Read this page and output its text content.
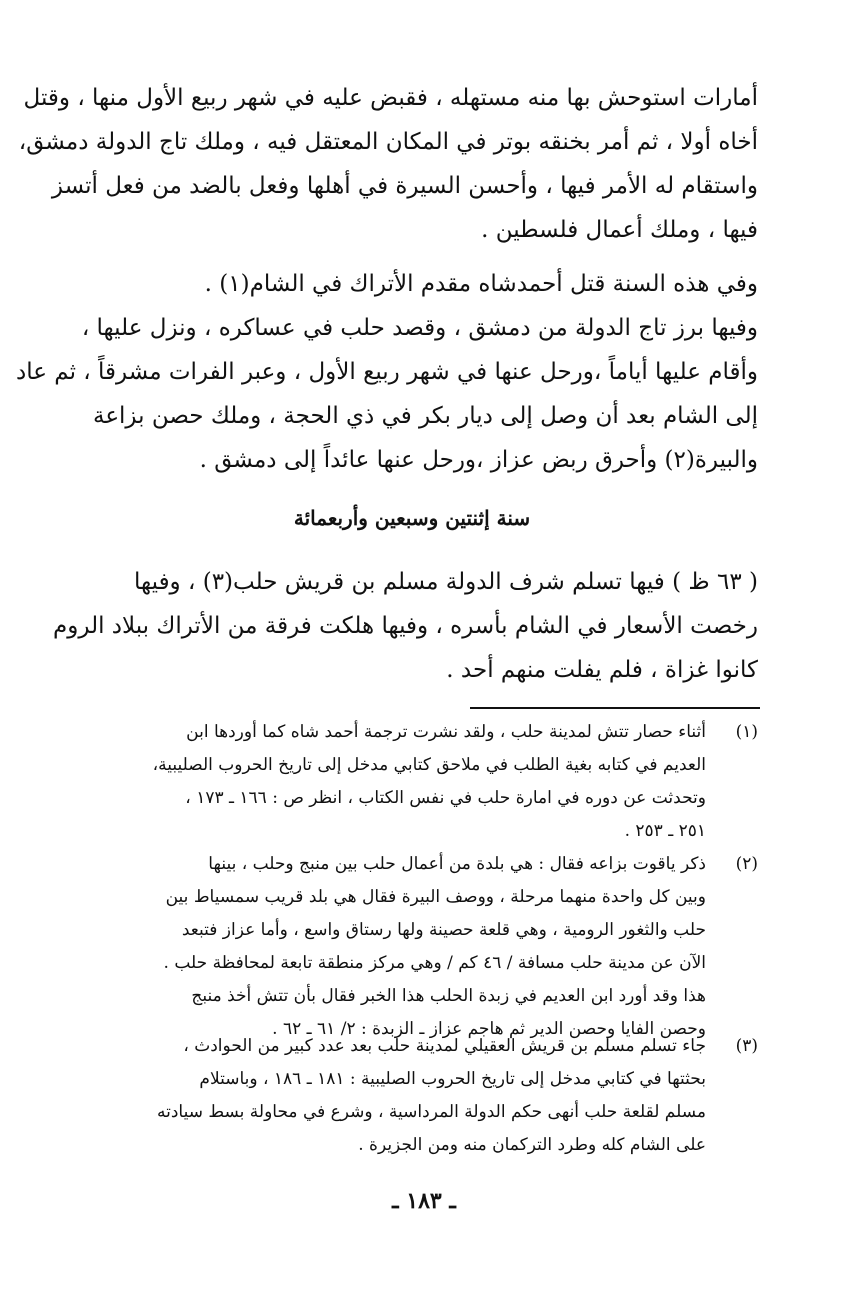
أمارات استوحش بها منه مستهله ، فقبض عليه في شهر ربيع الأول منها ، وقتل
أخاه أولا ، ثم أمر بخنقه بوتر في المكان المعتقل فيه ، وملك تاج الدولة دمشق،
واستقام له الأمر فيها ، وأحسن السيرة في أهلها وفعل بالضد من فعل أتسز
فيها ، وملك أعمال فلسطين .
وفي هذه السنة قتل أحمدشاه مقدم الأتراك في الشام(١) .
وفيها برز تاج الدولة من دمشق ، وقصد حلب في عساكره ، ونزل عليها ،
وأقام عليها أياماً ،ورحل عنها في شهر ربيع الأول ، وعبر الفرات مشرقاً ، ثم عاد
إلى الشام بعد أن وصل إلى ديار بكر في ذي الحجة ، وملك حصن بزاعة
والبيرة(٢) وأحرق ربض عزاز ،ورحل عنها عائداً إلى دمشق .
سنة إثنتين وسبعين وأربعمائة
( ٦٣ ظ ) فيها تسلم شرف الدولة مسلم بن قريش حلب(٣) ، وفيها
رخصت الأسعار في الشام بأسره ، وفيها هلكت فرقة من الأتراك ببلاد الروم
كانوا غزاة ، فلم يفلت منهم أحد .
(١)
أثناء حصار تتش لمدينة حلب ، ولقد نشرت ترجمة أحمد شاه كما أوردها ابن
العديم في كتابه بغية الطلب في ملاحق كتابي مدخل إلى تاريخ الحروب الصليبية،
وتحدثت عن دوره في امارة حلب في نفس الكتاب ، انظر ص : ١٦٦ ـ ١٧٣ ،
٢٥١ ـ ٢٥٣ .
(٢)
ذكر ياقوت بزاعه فقال : هي بلدة من أعمال حلب بين منبج وحلب ، بينها
وبين كل واحدة منهما مرحلة ، ووصف البيرة فقال هي بلد قريب سمسياط بين
حلب والثغور الرومية ، وهي قلعة حصينة ولها رستاق واسع ، وأما عزاز فتبعد
الآن عن مدينة حلب مسافة / ٤٦ كم / وهي مركز منطقة تابعة لمحافظة حلب .
هذا وقد أورد ابن العديم في زبدة الحلب هذا الخبر فقال بأن تتش أخذ منبج
وحصن الفايا وحصن الدير ثم هاجم عزاز ـ الزبدة : ٢/ ٦١ ـ ٦٢ .
(٣)
جاء تسلم مسلم بن قريش العقيلي لمدينة حلب بعد عدد كبير من الحوادث ،
بحثتها في كتابي مدخل إلى تاريخ الحروب الصليبية : ١٨١ ـ ١٨٦ ، وباستلام
مسلم لقلعة حلب أنهى حكم الدولة المرداسية ، وشرع في محاولة بسط سيادته
على الشام كله وطرد التركمان منه ومن الجزيرة .
ـ ١٨٣ ـ
